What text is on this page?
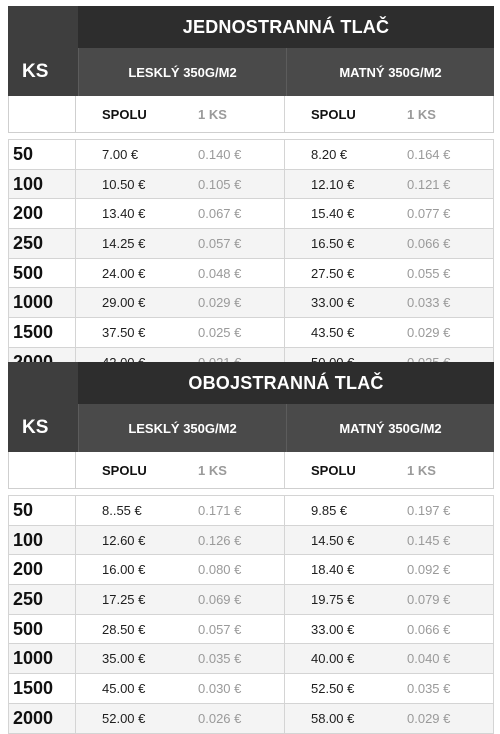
JEDNOSTRANNÁ TLAČ
KS	LESKLÝ 350G/M2	MATNÝ 350G/M2
SPOLU	1 KS	SPOLU	1 KS
50	7.00 €	0.140 €	8.20 €	0.164 €
100	10.50 €	0.105 €	12.10 €	0.121 €
200	13.40 €	0.067 €	15.40 €	0.077 €
250	14.25 €	0.057 €	16.50 €	0.066 €
500	24.00 €	0.048 €	27.50 €	0.055 €
1000	29.00 €	0.029 €	33.00 €	0.033 €
1500	37.50 €	0.025 €	43.50 €	0.029 €
OBOJSTRANNÁ TLAČ
KS	LESKLÝ 350G/M2	MATNÝ 350G/M2
SPOLU	1 KS	SPOLU	1 KS
50	8..55 €	0.171 €	9.85 €	0.197 €
100	12.60 €	0.126 €	14.50 €	0.145 €
200	16.00 €	0.080 €	18.40 €	0.092 €
250	17.25 €	0.069 €	19.75 €	0.079 €
500	28.50 €	0.057 €	33.00 €	0.066 €
1000	35.00 €	0.035 €	40.00 €	0.040 €
1500	45.00 €	0.030 €	52.50 €	0.035 €
2000	52.00 €	0.026 €	58.00 €	0.029 €
